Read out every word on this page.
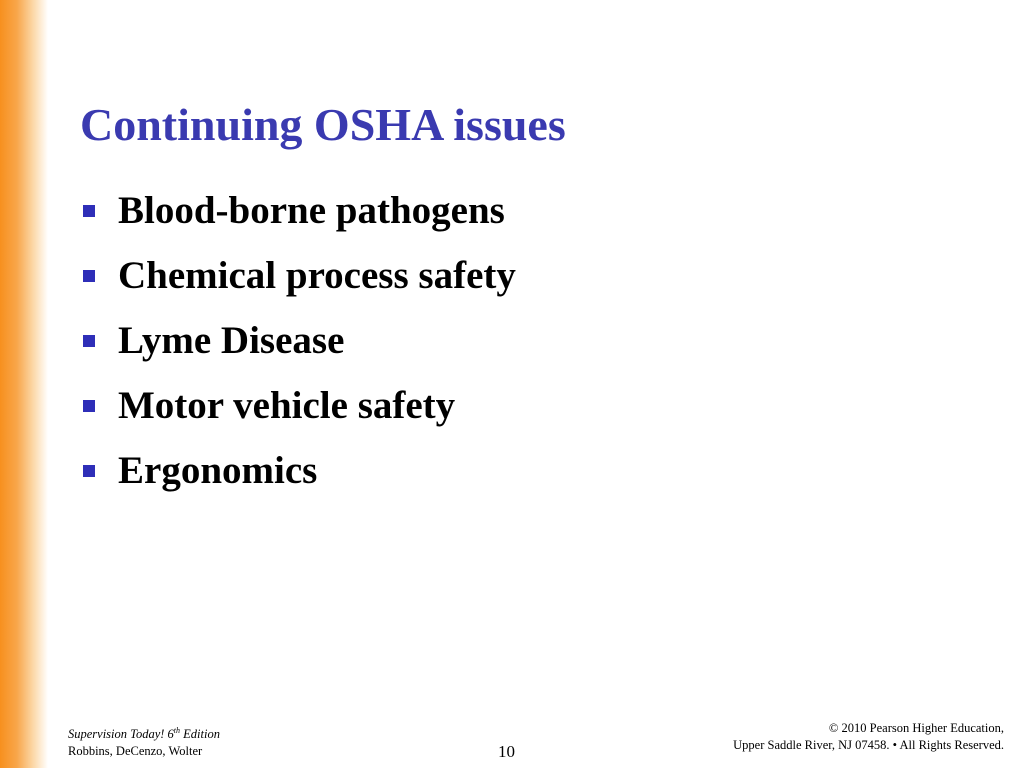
Continuing OSHA issues
Blood-borne pathogens
Chemical process safety
Lyme Disease
Motor vehicle safety
Ergonomics
Supervision Today! 6th Edition
Robbins, DeCenzo, Wolter	10
© 2010 Pearson Higher Education,
Upper Saddle River, NJ 07458. • All Rights Reserved.
